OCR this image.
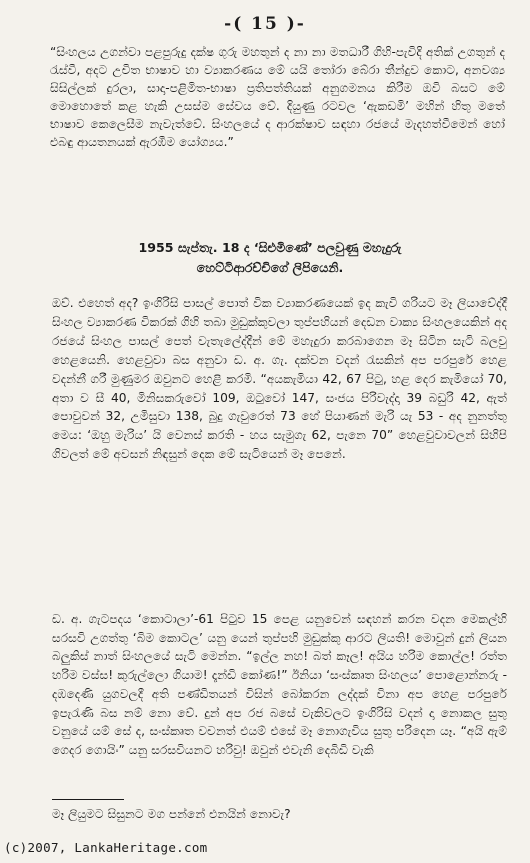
-( 15 )-

“සිංහලය උගන්වා පළපුරුදු දක්ෂ ගුරු මහතුන් ද නා නා මතධාරී ගිහි-පැවිදි අතික් උගතුන් ද රැස්වී, අදට උචිත භාෂාව හා ව්‍යාකරණය මේ යයි තෝරා බේරා තීන්දුව කොට, අනවශ්‍ය සිසිල්ලක් දුරලා, සාදා-පළිමිත-භාෂා ප්‍රතිපත්තියක් අනුගමනය කිරීම ඔවි බසට මේ මොහොතේ කළ හැකි උසස්ම සේවය වේ. දියුණු රටවල ‘ඇකඩමි’ මහින් හිතු මතේ භාෂාව කෙලෙසීම නැවැත්වේ. සිංහලයේ ද ආරක්ෂාව සඳහා රජයේ මැදහත්වීමෙන් හෝ එබඳු ආයතනයක් ඇරඹීම යෝග්‍යය.”

1955 සැප්තැ. 18 ද ‘සිළුමිණේ’ පලවුණු මහැදුරු
හෙට්ටිආරච්චිගේ ලිපියෙනි.

ඔව්. එහෙත් අද? ඉංගිරිසි පාසල් පොත් වික ව්‍යාකරණයෙක් ඉද කැවි ගරියට මෑ ලියාවේද්දී සිංහල ව්‍යාකරණ විකරක් ගිහි තබා මුඩුක්කුවලා තුප්පහියන් දෙඩන වාක්‍ය සිංහලයෙකින් අද රජයේ සිංහල පාසල් පෙත් වැතැලේද්දීන් මේ මහැදුරා කරබාගෙන මෑ සිටින සැටි බලවු හෙළයෙනි. හෙළවුවා බස අනුවා ඩ. අ. ගැ. දක්වන වදන් රැසකින් අප පරපුරේ හෙළ වදන්නී ගරී මුණුමර ඔවුනට හෙළි කරමි. “අයකැමියා 42, 67 පිටු, හළ දෙර කැමියෝ 70, අතා ව සී 40, මිනිසකරුවෝ 109, ඔටුවෝ 147, සංජය පිරිවැද්දා 39 බඩුරි 42, ඇත් පොවුවන් 32, උමිසුවා 138, බුදු ගැවුරෙත් 73 හේ පියාණන් මැරි යැ 53 - අද නුනත්තු මෙය: ‘ඔහු මැරිය’ යි වෙනස් කරති - හය සැමුගැ 62, පැනෙ 70” හෙළවුවාවලන් සිහිපි ගිවලත් මේ අවසන් නිඳසුන් දෙක මේ සැටියෙන් මෑ පෙනේ.

ඩ. අ. ගැටපදය ‘කොටාලා’-61 පිටුව 15 පෙළ යනුවෙන් සඳහන් කරන වදන මෙකල්හි සරසවි උගත්තු ‘බිම කොටල’ යනු යෙන් තුප්පහි මුඩුක්කු ආරට ලියති! මොවුන් දුන් ලියන බලුකිස් නාත් සිංහලයේ සැටි මෙන්න. “ඉල්ල නහ! බත් කෑල! අයිය හරිම කොල්ල! රත්ත හරිම වස්ස! කුරුල්ලො ගියාම! දෑන්ඩි කෝණ!” ඊනියා ‘සංස්කෘත සිංහලය’ පොළොන්නරු - දඹදෙණි යුගවලදී අති පණ්ඩිතයන් විසින් බෝකරන ලද්දක් විනා අප හෙළ පරපුරේ ඉපැරැණි බස නම් නො වේ. දුන් අප රජ බසේ වැකිවලට ඉංගිරිසි වදන් දා නොකල සුතු වනුයේ යම් සේ ද, සංස්කෘත වචනත් එයම් එසේ මෑ නොගැවිය සුතු පරිදෙන යෑ. “අයි ඇම් ගෙදර ගොයිං” යනු සරසවියනට හරිවු! ඔවුන් එවැනි දෙබිඩි වැකි

මෑ ලියුමට සිසුනට මග පන්නේ එනයින් නොවැ?

(c)2007, LankaHeritage.com
